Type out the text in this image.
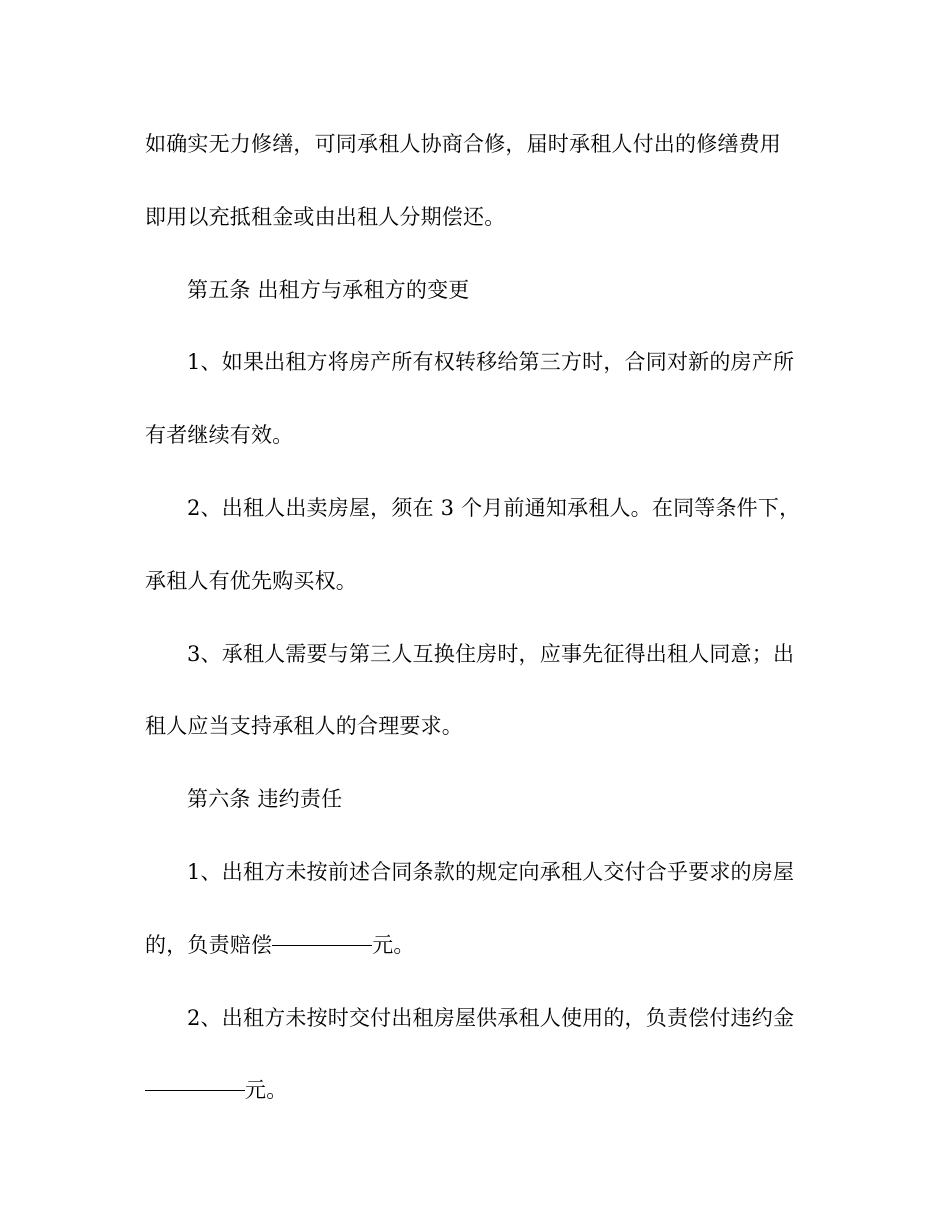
如确实无力修缮，可同承租人协商合修，届时承租人付出的修缮费用
即用以充抵租金或由出租人分期偿还。
第五条 出租方与承租方的变更
1、如果出租方将房产所有权转移给第三方时，合同对新的房产所
有者继续有效。
2、出租人出卖房屋，须在 3 个月前通知承租人。在同等条件下，
承租人有优先购买权。
3、承租人需要与第三人互换住房时，应事先征得出租人同意；出
租人应当支持承租人的合理要求。
第六条 违约责任
1、出租方未按前述合同条款的规定向承租人交付合乎要求的房屋
的，负责赔偿	元。
2、出租方未按时交付出租房屋供承租人使用的，负责偿付违约金
元。
